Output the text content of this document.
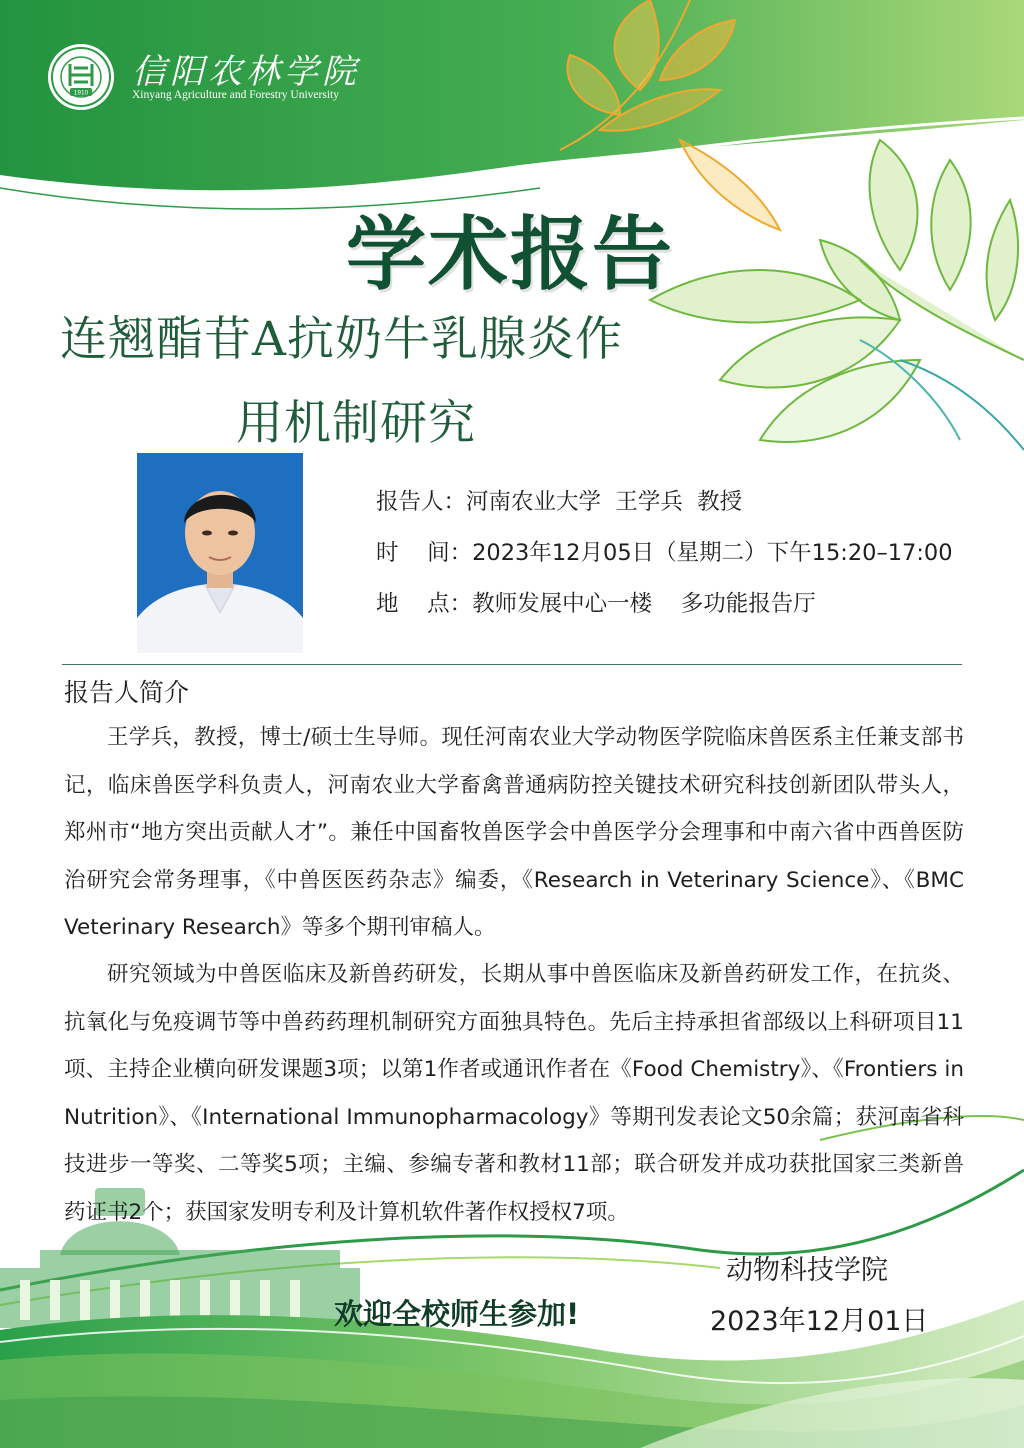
1910
信阳农林学院
Xinyang Agriculture and Forestry University
学术报告
连翘酯苷A抗奶牛乳腺炎作
用机制研究
报告人：河南农业大学  王学兵  教授
时    间：2023年12月05日（星期二）下午15:20–17:00
地    点：教师发展中心一楼    多功能报告厅
报告人简介

王学兵，教授，博士/硕士生导师。现任河南农业大学动物医学院临床兽医系主任兼支部书记，临床兽医学科负责人，河南农业大学畜禽普通病防控关键技术研究科技创新团队带头人，郑州市“地方突出贡献人才”。兼任中国畜牧兽医学会中兽医学分会理事和中南六省中西兽医防治研究会常务理事，《中兽医医药杂志》编委，《Research in Veterinary Science》、《BMC Veterinary Research》等多个期刊审稿人。

研究领域为中兽医临床及新兽药研发，长期从事中兽医临床及新兽药研发工作，在抗炎、抗氧化与免疫调节等中兽药药理机制研究方面独具特色。先后主持承担省部级以上科研项目11项、主持企业横向研发课题3项；以第1作者或通讯作者在《Food Chemistry》、《Frontiers in Nutrition》、《International Immunopharmacology》等期刊发表论文50余篇；获河南省科技进步一等奖、二等奖5项；主编、参编专著和教材11部；联合研发并成功获批国家三类新兽药证书2个；获国家发明专利及计算机软件著作权授权7项。

动物科技学院
欢迎全校师生参加!	2023年12月01日
